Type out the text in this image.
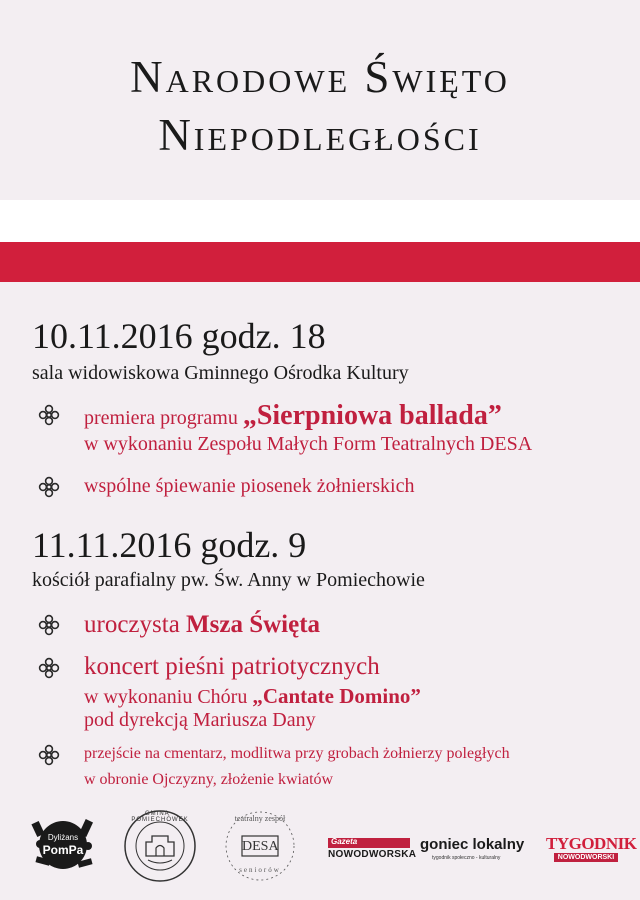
Narodowe Święto
Niepodległości
10.11.2016 godz. 18
sala widowiskowa Gminnego Ośrodka Kultury
premiera programu „Sierpniowa ballada”
w wykonaniu Zespołu Małych Form Teatralnych DESA
wspólne śpiewanie piosenek żołnierskich
11.11.2016 godz. 9
kościół parafialny pw. Św. Anny w Pomiechowie
uroczysta Msza Święta
koncert pieśni patriotycznych
w wykonaniu Chóru „Cantate Domino”
pod dyrekcją Mariusza Dany
przejście na cmentarz, modlitwa przy grobach żołnierzy poległych
w obronie Ojczyzny, złożenie kwiatów
Dyliżans
PomPa
GMINA · POMIECHÓWEK
DESA
teatralny zespół
seniorów
Gazeta
NOWODWORSKA
goniec lokalny
tygodnik społeczno - kulturalny
TYGODNIK
NOWODWORSKI
